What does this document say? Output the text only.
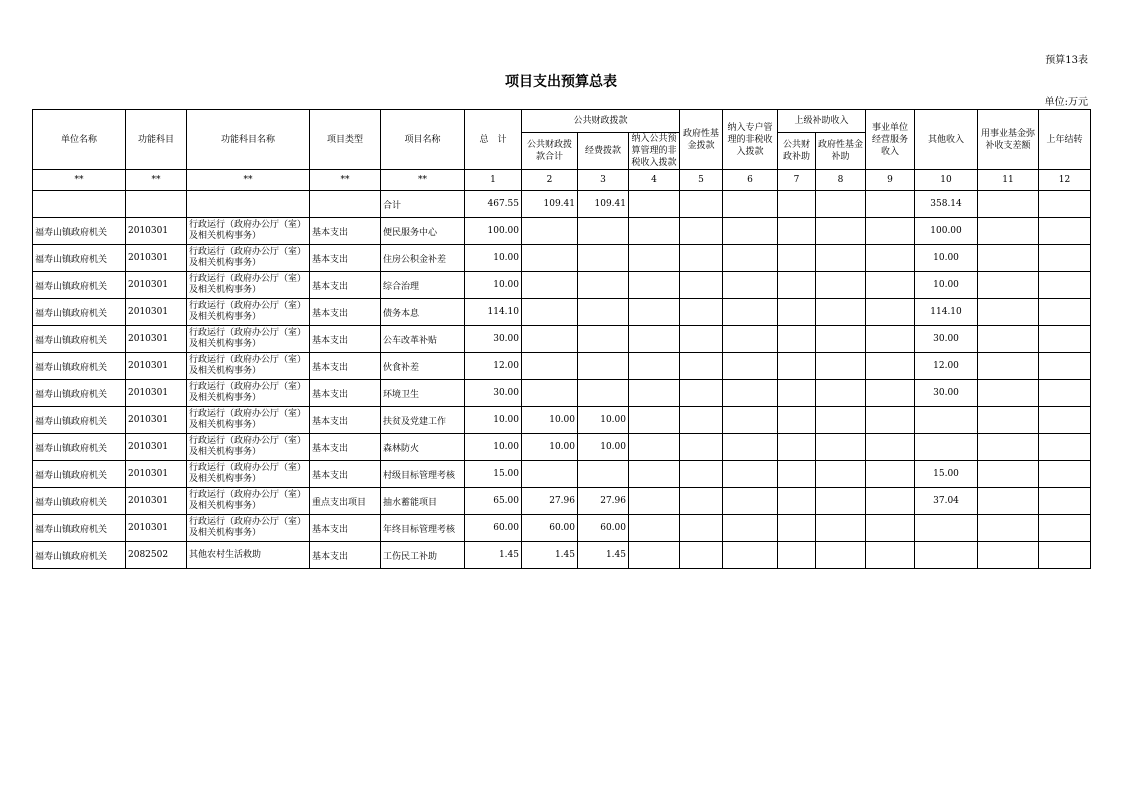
预算13表
项目支出预算总表
单位:万元
单位名称	功能科目	功能科目名称	项目类型	项目名称	总　计	公共财政拨款			政府性基金拨款	纳入专户管理的非税收入拨款	上级补助收入		事业单位经营服务收入	其他收入	用事业基金弥补收支差额	上年结转
						公共财政拨款合计	经费拨款	纳入公共预算管理的非税收入拨款			公共财政补助	政府性基金补助				
**	**	**	**	**	1	2	3	4	5	6	7	8	9	10	11	12
				合计	467.55	109.41	109.41							358.14		
福寿山镇政府机关	2010301	行政运行（政府办公厅（室）及相关机构事务）	基本支出	便民服务中心	100.00									100.00		
福寿山镇政府机关	2010301	行政运行（政府办公厅（室）及相关机构事务）	基本支出	住房公积金补差	10.00									10.00		
福寿山镇政府机关	2010301	行政运行（政府办公厅（室）及相关机构事务）	基本支出	综合治理	10.00									10.00		
福寿山镇政府机关	2010301	行政运行（政府办公厅（室）及相关机构事务）	基本支出	债务本息	114.10									114.10		
福寿山镇政府机关	2010301	行政运行（政府办公厅（室）及相关机构事务）	基本支出	公车改革补贴	30.00									30.00		
福寿山镇政府机关	2010301	行政运行（政府办公厅（室）及相关机构事务）	基本支出	伙食补差	12.00									12.00		
福寿山镇政府机关	2010301	行政运行（政府办公厅（室）及相关机构事务）	基本支出	环境卫生	30.00									30.00		
福寿山镇政府机关	2010301	行政运行（政府办公厅（室）及相关机构事务）	基本支出	扶贫及党建工作	10.00	10.00	10.00									
福寿山镇政府机关	2010301	行政运行（政府办公厅（室）及相关机构事务）	基本支出	森林防火	10.00	10.00	10.00									
福寿山镇政府机关	2010301	行政运行（政府办公厅（室）及相关机构事务）	基本支出	村级目标管理考核	15.00									15.00		
福寿山镇政府机关	2010301	行政运行（政府办公厅（室）及相关机构事务）	重点支出项目	抽水蓄能项目	65.00	27.96	27.96							37.04		
福寿山镇政府机关	2010301	行政运行（政府办公厅（室）及相关机构事务）	基本支出	年终目标管理考核	60.00	60.00	60.00									
福寿山镇政府机关	2082502	其他农村生活救助	基本支出	工伤民工补助	1.45	1.45	1.45									
